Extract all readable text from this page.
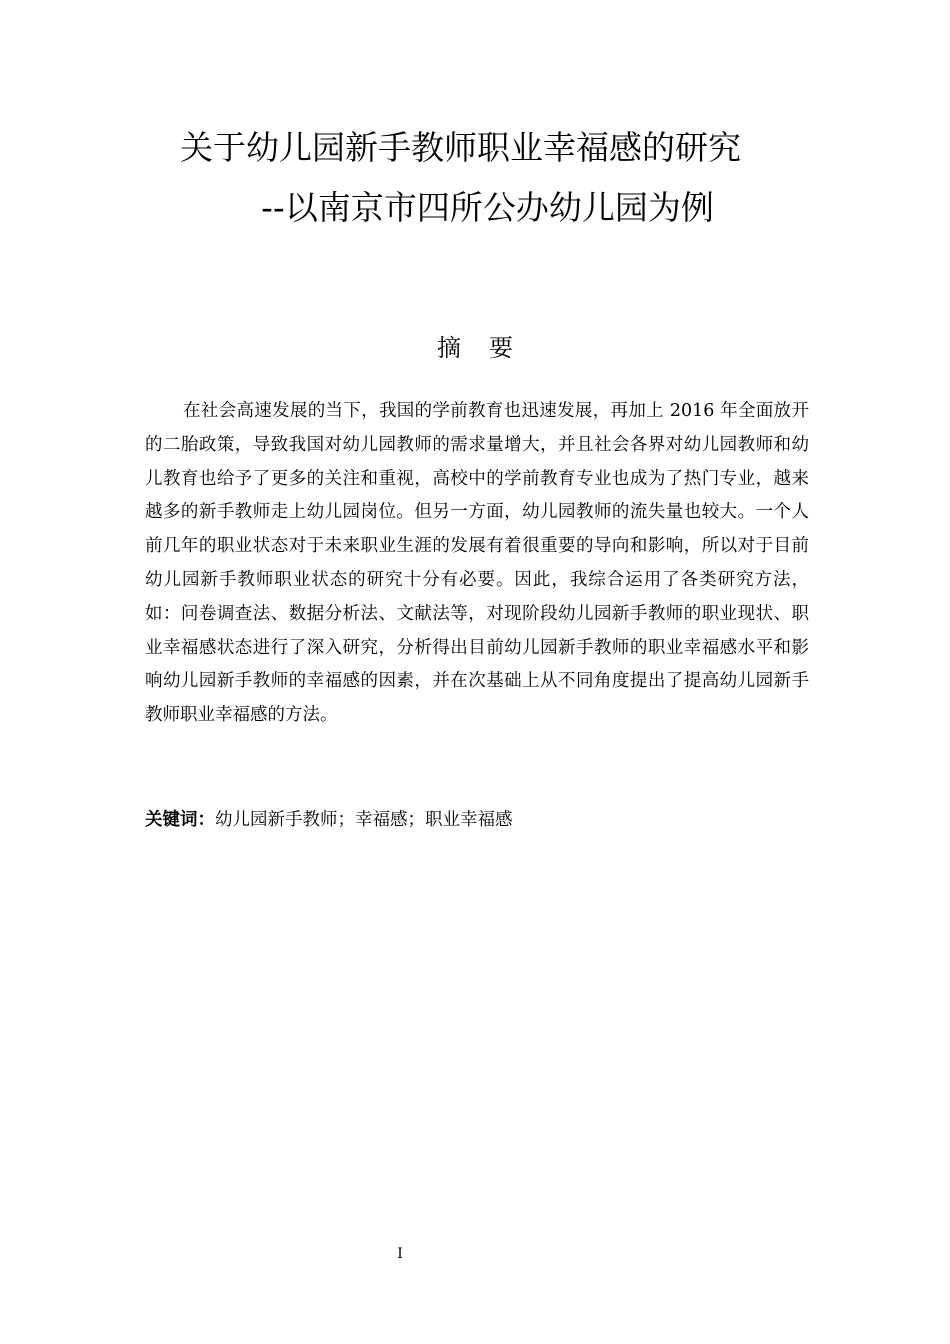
关于幼儿园新手教师职业幸福感的研究
--以南京市四所公办幼儿园为例
摘要

在社会高速发展的当下，我国的学前教育也迅速发展，再加上 2016 年全面放开的二胎政策，导致我国对幼儿园教师的需求量增大，并且社会各界对幼儿园教师和幼儿教育也给予了更多的关注和重视，高校中的学前教育专业也成为了热门专业，越来越多的新手教师走上幼儿园岗位。但另一方面，幼儿园教师的流失量也较大。一个人前几年的职业状态对于未来职业生涯的发展有着很重要的导向和影响，所以对于目前幼儿园新手教师职业状态的研究十分有必要。因此，我综合运用了各类研究方法，如：问卷调查法、数据分析法、文献法等，对现阶段幼儿园新手教师的职业现状、职业幸福感状态进行了深入研究，分析得出目前幼儿园新手教师的职业幸福感水平和影响幼儿园新手教师的幸福感的因素，并在次基础上从不同角度提出了提高幼儿园新手教师职业幸福感的方法。

关键词：幼儿园新手教师；幸福感；职业幸福感

I
